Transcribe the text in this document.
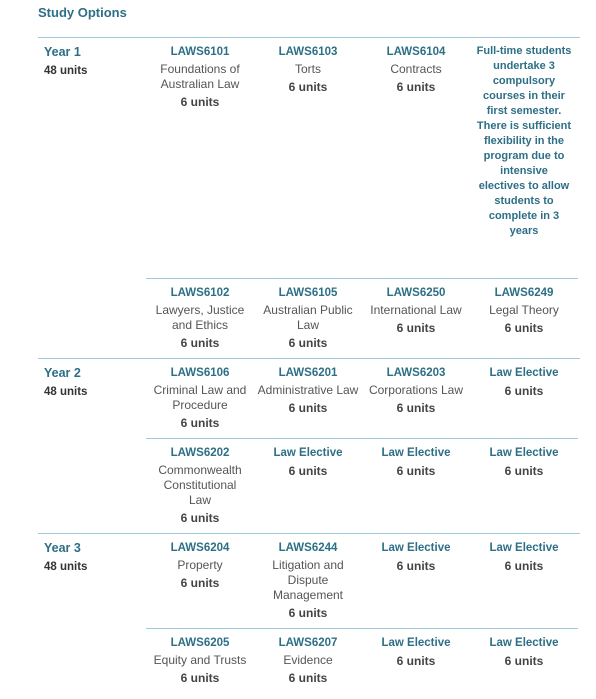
Study Options
Year 1
48 units
LAWS6101
Foundations of Australian Law
6 units
LAWS6103
Torts
6 units
LAWS6104
Contracts
6 units
Full-time students undertake 3 compulsory courses in their first semester. There is sufficient flexibility in the program due to intensive electives to allow students to complete in 3 years
LAWS6102
Lawyers, Justice and Ethics
6 units
LAWS6105
Australian Public Law
6 units
LAWS6250
International Law
6 units
LAWS6249
Legal Theory
6 units
Year 2
48 units
LAWS6106
Criminal Law and Procedure
6 units
LAWS6201
Administrative Law
6 units
LAWS6203
Corporations Law
6 units
Law Elective
6 units
LAWS6202
Commonwealth Constitutional Law
6 units
Law Elective
6 units
Law Elective
6 units
Law Elective
6 units
Year 3
48 units
LAWS6204
Property
6 units
LAWS6244
Litigation and Dispute Management
6 units
Law Elective
6 units
Law Elective
6 units
LAWS6205
Equity and Trusts
6 units
LAWS6207
Evidence
6 units
Law Elective
6 units
Law Elective
6 units
